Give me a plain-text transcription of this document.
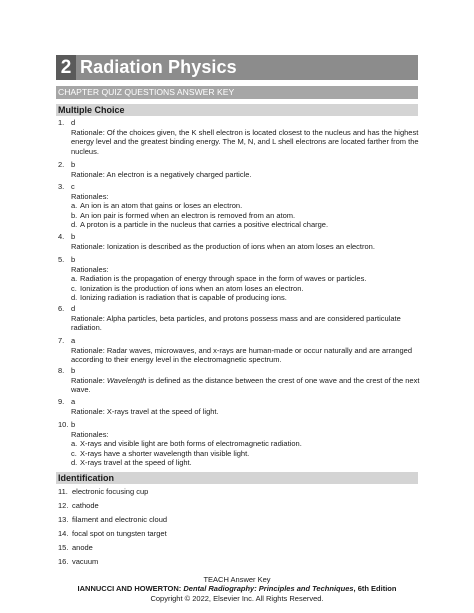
2 Radiation Physics
CHAPTER QUIZ QUESTIONS ANSWER KEY
Multiple Choice
1. d
Rationale: Of the choices given, the K shell electron is located closest to the nucleus and has the highest energy level and the greatest binding energy. The M, N, and L shell electrons are located farther from the nucleus.
2. b
Rationale: An electron is a negatively charged particle.
3. c
Rationales:
a. An ion is an atom that gains or loses an electron.
b. An ion pair is formed when an electron is removed from an atom.
d. A proton is a particle in the nucleus that carries a positive electrical charge.
4. b
Rationale: Ionization is described as the production of ions when an atom loses an electron.
5. b
Rationales:
a. Radiation is the propagation of energy through space in the form of waves or particles.
c. Ionization is the production of ions when an atom loses an electron.
d. Ionizing radiation is radiation that is capable of producing ions.
6. d
Rationale: Alpha particles, beta particles, and protons possess mass and are considered particulate radiation.
7. a
Rationale: Radar waves, microwaves, and x-rays are human-made or occur naturally and are arranged according to their energy level in the electromagnetic spectrum.
8. b
Rationale: Wavelength is defined as the distance between the crest of one wave and the crest of the next wave.
9. a
Rationale: X-rays travel at the speed of light.
10. b
Rationales:
a. X-rays and visible light are both forms of electromagnetic radiation.
c. X-rays have a shorter wavelength than visible light.
d. X-rays travel at the speed of light.
Identification
11. electronic focusing cup
12. cathode
13. filament and electronic cloud
14. focal spot on tungsten target
15. anode
16. vacuum
TEACH Answer Key
IANNUCCI AND HOWERTON: Dental Radiography: Principles and Techniques, 6th Edition
Copyright © 2022, Elsevier Inc. All Rights Reserved.
